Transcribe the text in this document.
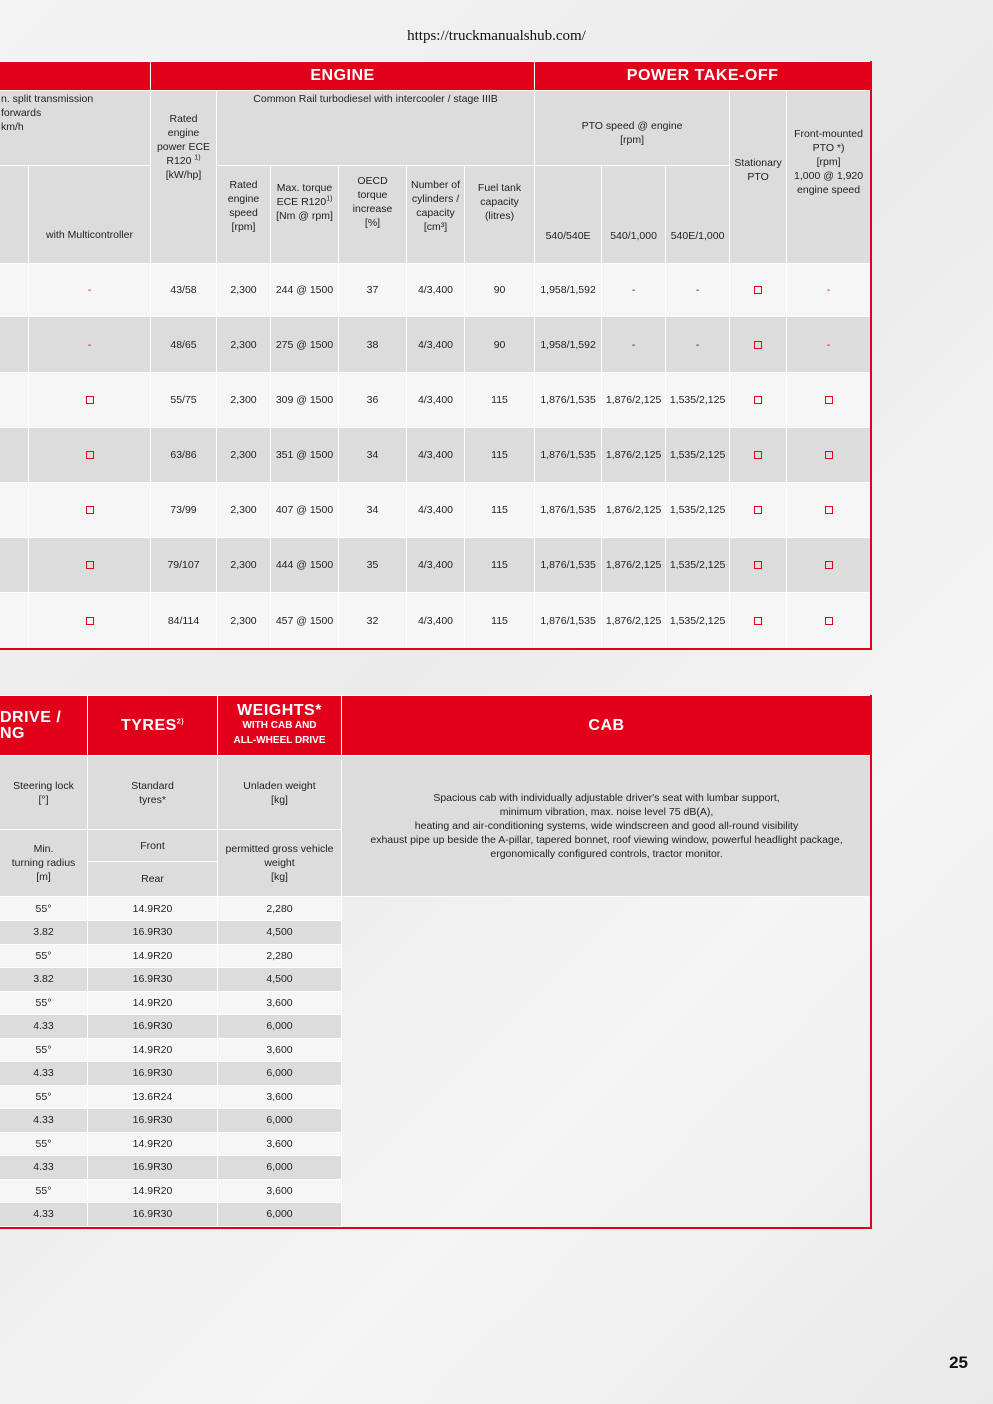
https://truckmanualshub.com/
		ENGINE						POWER TAKE-OFF				

n. split transmission
forwards
km/h		Rated engine
power ECE
R120 $^{1)}$
[kW/hp]	Common Rail turbodiesel with intercooler / stage IIIB					PTO speed @ engine
[rpm]			Stationary
PTO	Front-mounted
PTO *)
[rpm]
1,000 @ 1,920
engine speed

	with Multicontroller		Rated
engine
speed
[rpm]	Max. torque
ECE R120$^{1)}$
[Nm @ rpm]	OECD torque
increase
[%]	Number of
cylinders /
capacity
[cm³]	Fuel tank
capacity
(litres)	540/540E	540/1,000	540E/1,000		

	-	43/58	2,300	244 @ 1500	37	4/3,400	90	1,958/1,592	-	-		-
	-	48/65	2,300	275 @ 1500	38	4/3,400	90	1,958/1,592	-	-		-
		55/75	2,300	309 @ 1500	36	4/3,400	115	1,876/1,535	1,876/2,125	1,535/2,125		
		63/86	2,300	351 @ 1500	34	4/3,400	115	1,876/1,535	1,876/2,125	1,535/2,125		
		73/99	2,300	407 @ 1500	34	4/3,400	115	1,876/1,535	1,876/2,125	1,535/2,125		
		79/107	2,300	444 @ 1500	35	4/3,400	115	1,876/1,535	1,876/2,125	1,535/2,125		
		84/114	2,300	457 @ 1500	32	4/3,400	115	1,876/1,535	1,876/2,125	1,535/2,125		
DRIVE /
NG	TYRES$^{2)}$	WEIGHTS*
WITH CAB AND
ALL-WHEEL DRIVE	CAB

Steering lock
[°]	Standard
tyres*	Unladen weight
[kg]	Spacious cab with individually adjustable driver's seat with lumbar support,
minimum vibration, max. noise level 75 dB(A),
heating and air-conditioning systems, wide windscreen and good all-round visibility
exhaust pipe up beside the A-pillar, tapered bonnet, roof viewing window, powerful headlight package,
ergonomically configured controls, tractor monitor.

Min.
turning radius
[m]	Front	permitted gross vehicle
weight
[kg]

Rear
55°	14.9R20	2,280
3.82	16.9R30	4,500
55°	14.9R20	2,280
3.82	16.9R30	4,500
55°	14.9R20	3,600
4.33	16.9R30	6,000
55°	14.9R20	3,600
4.33	16.9R30	6,000
55°	13.6R24	3,600
4.33	16.9R30	6,000
55°	14.9R20	3,600
4.33	16.9R30	6,000
55°	14.9R20	3,600
4.33	16.9R30	6,000
25
